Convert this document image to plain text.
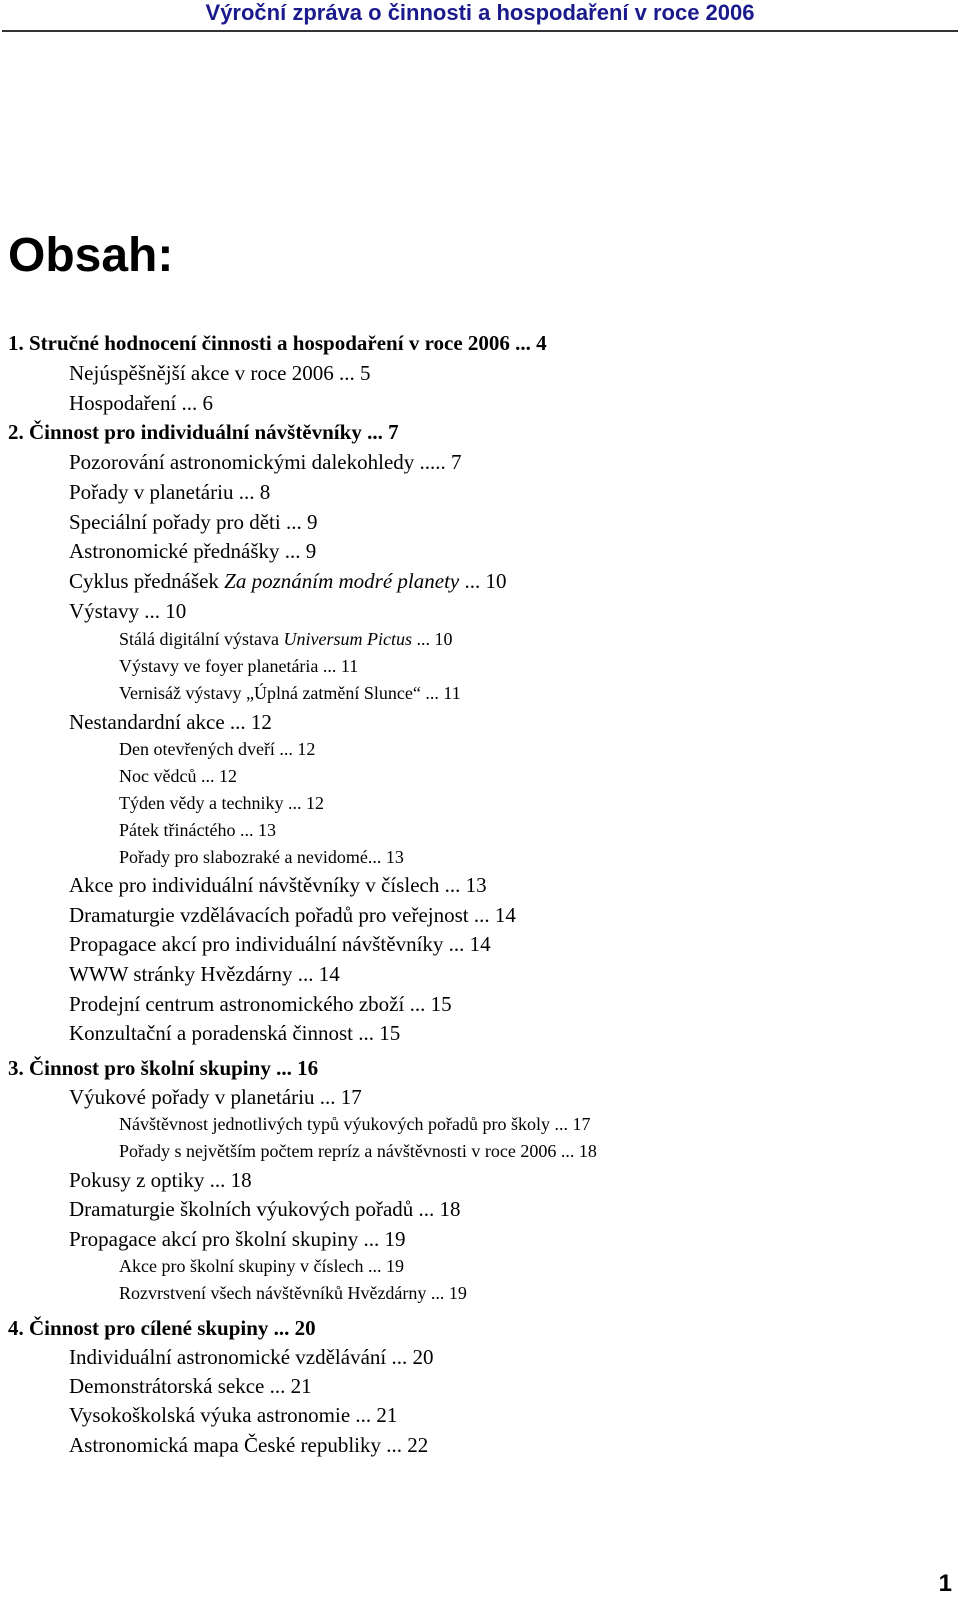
Výroční zpráva o činnosti a hospodaření v roce 2006
Obsah:
1. Stručné hodnocení činnosti a hospodaření v roce 2006 ... 4
Nejúspěšnější akce v roce 2006 ... 5
Hospodaření ... 6
2. Činnost pro individuální návštěvníky ... 7
Pozorování astronomickými dalekohledy ..... 7
Pořady v planetáriu ... 8
Speciální pořady pro děti ... 9
Astronomické přednášky ... 9
Cyklus přednášek Za poznáním modré planety ... 10
Výstavy ... 10
Stálá digitální výstava Universum Pictus ... 10
Výstavy ve foyer planetária ... 11
Vernisáž výstavy „Úplná zatmění Slunce“ ... 11
Nestandardní akce ... 12
Den otevřených dveří ... 12
Noc vědců ... 12
Týden vědy a techniky ... 12
Pátek třináctého ... 13
Pořady pro slabozraké a nevidomé... 13
Akce pro individuální návštěvníky v číslech ... 13
Dramaturgie vzdělávacích pořadů pro veřejnost ... 14
Propagace akcí pro individuální návštěvníky ... 14
WWW stránky Hvězdárny ... 14
Prodejní centrum astronomického zboží ... 15
Konzultační a poradenská činnost ... 15
3. Činnost pro školní skupiny ... 16
Výukové pořady v planetáriu ... 17
Návštěvnost jednotlivých typů výukových pořadů pro školy ... 17
Pořady s největším počtem repríz a návštěvnosti v roce 2006 ... 18
Pokusy z optiky ... 18
Dramaturgie školních výukových pořadů ... 18
Propagace akcí pro školní skupiny ... 19
Akce pro školní skupiny v číslech ... 19
Rozvrstvení všech návštěvníků Hvězdárny ... 19
4. Činnost pro cílené skupiny ... 20
Individuální astronomické vzdělávání ... 20
Demonstrátorská sekce ... 21
Vysokoškolská výuka astronomie ... 21
Astronomická mapa České republiky ... 22
1
